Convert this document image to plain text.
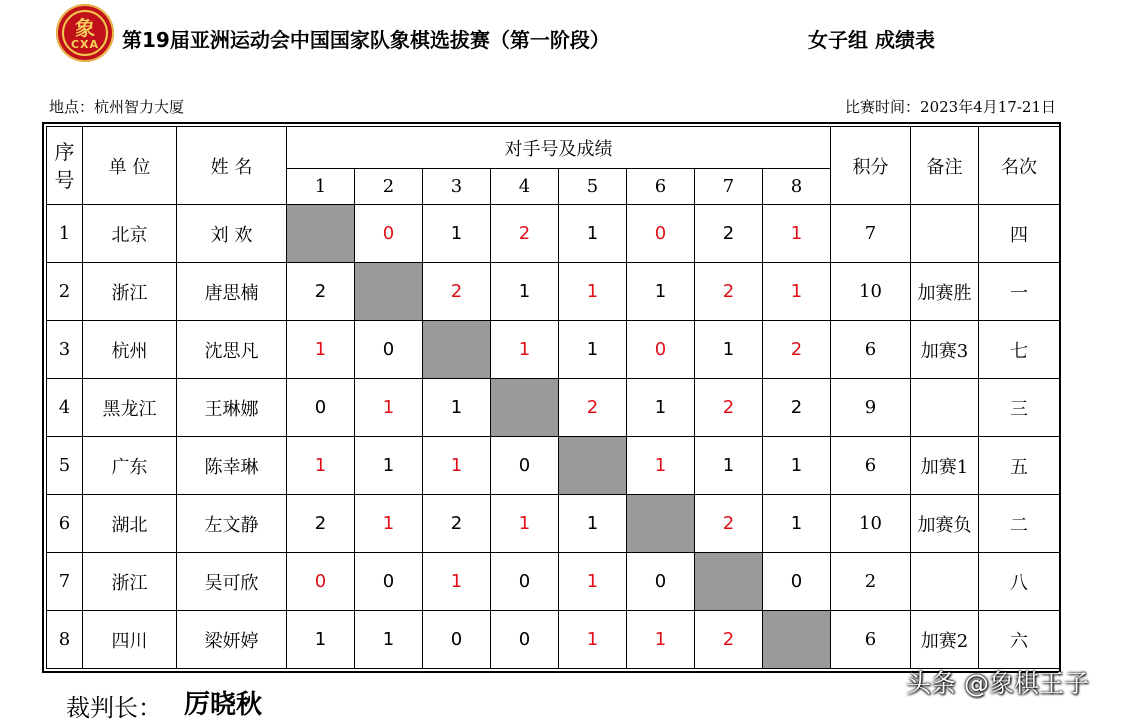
象
CXA	第19届亚洲运动会中国国家队象棋选拔赛（第一阶段）	女子组 成绩表
地点：杭州智力大厦	比赛时间：2023年4月17-21日
序号	单 位	姓 名	对手号及成绩								积分	备注	名次
			1	2	3	4	5	6	7	8			
1	北京	刘 欢		0	1	2	1	0	2	1	7		四
2	浙江	唐思楠	2		2	1	1	1	2	1	10	加赛胜	一
3	杭州	沈思凡	1	0		1	1	0	1	2	6	加赛3	七
4	黑龙江	王琳娜	0	1	1		2	1	2	2	9		三
5	广东	陈幸琳	1	1	1	0		1	1	1	6	加赛1	五
6	湖北	左文静	2	1	2	1	1		2	1	10	加赛负	二
7	浙江	吴可欣	0	0	1	0	1	0		0	2		八
8	四川	梁妍婷	1	1	0	0	1	1	2		6	加赛2	六
裁判长： 厉晓秋
头条 @象棋王子
